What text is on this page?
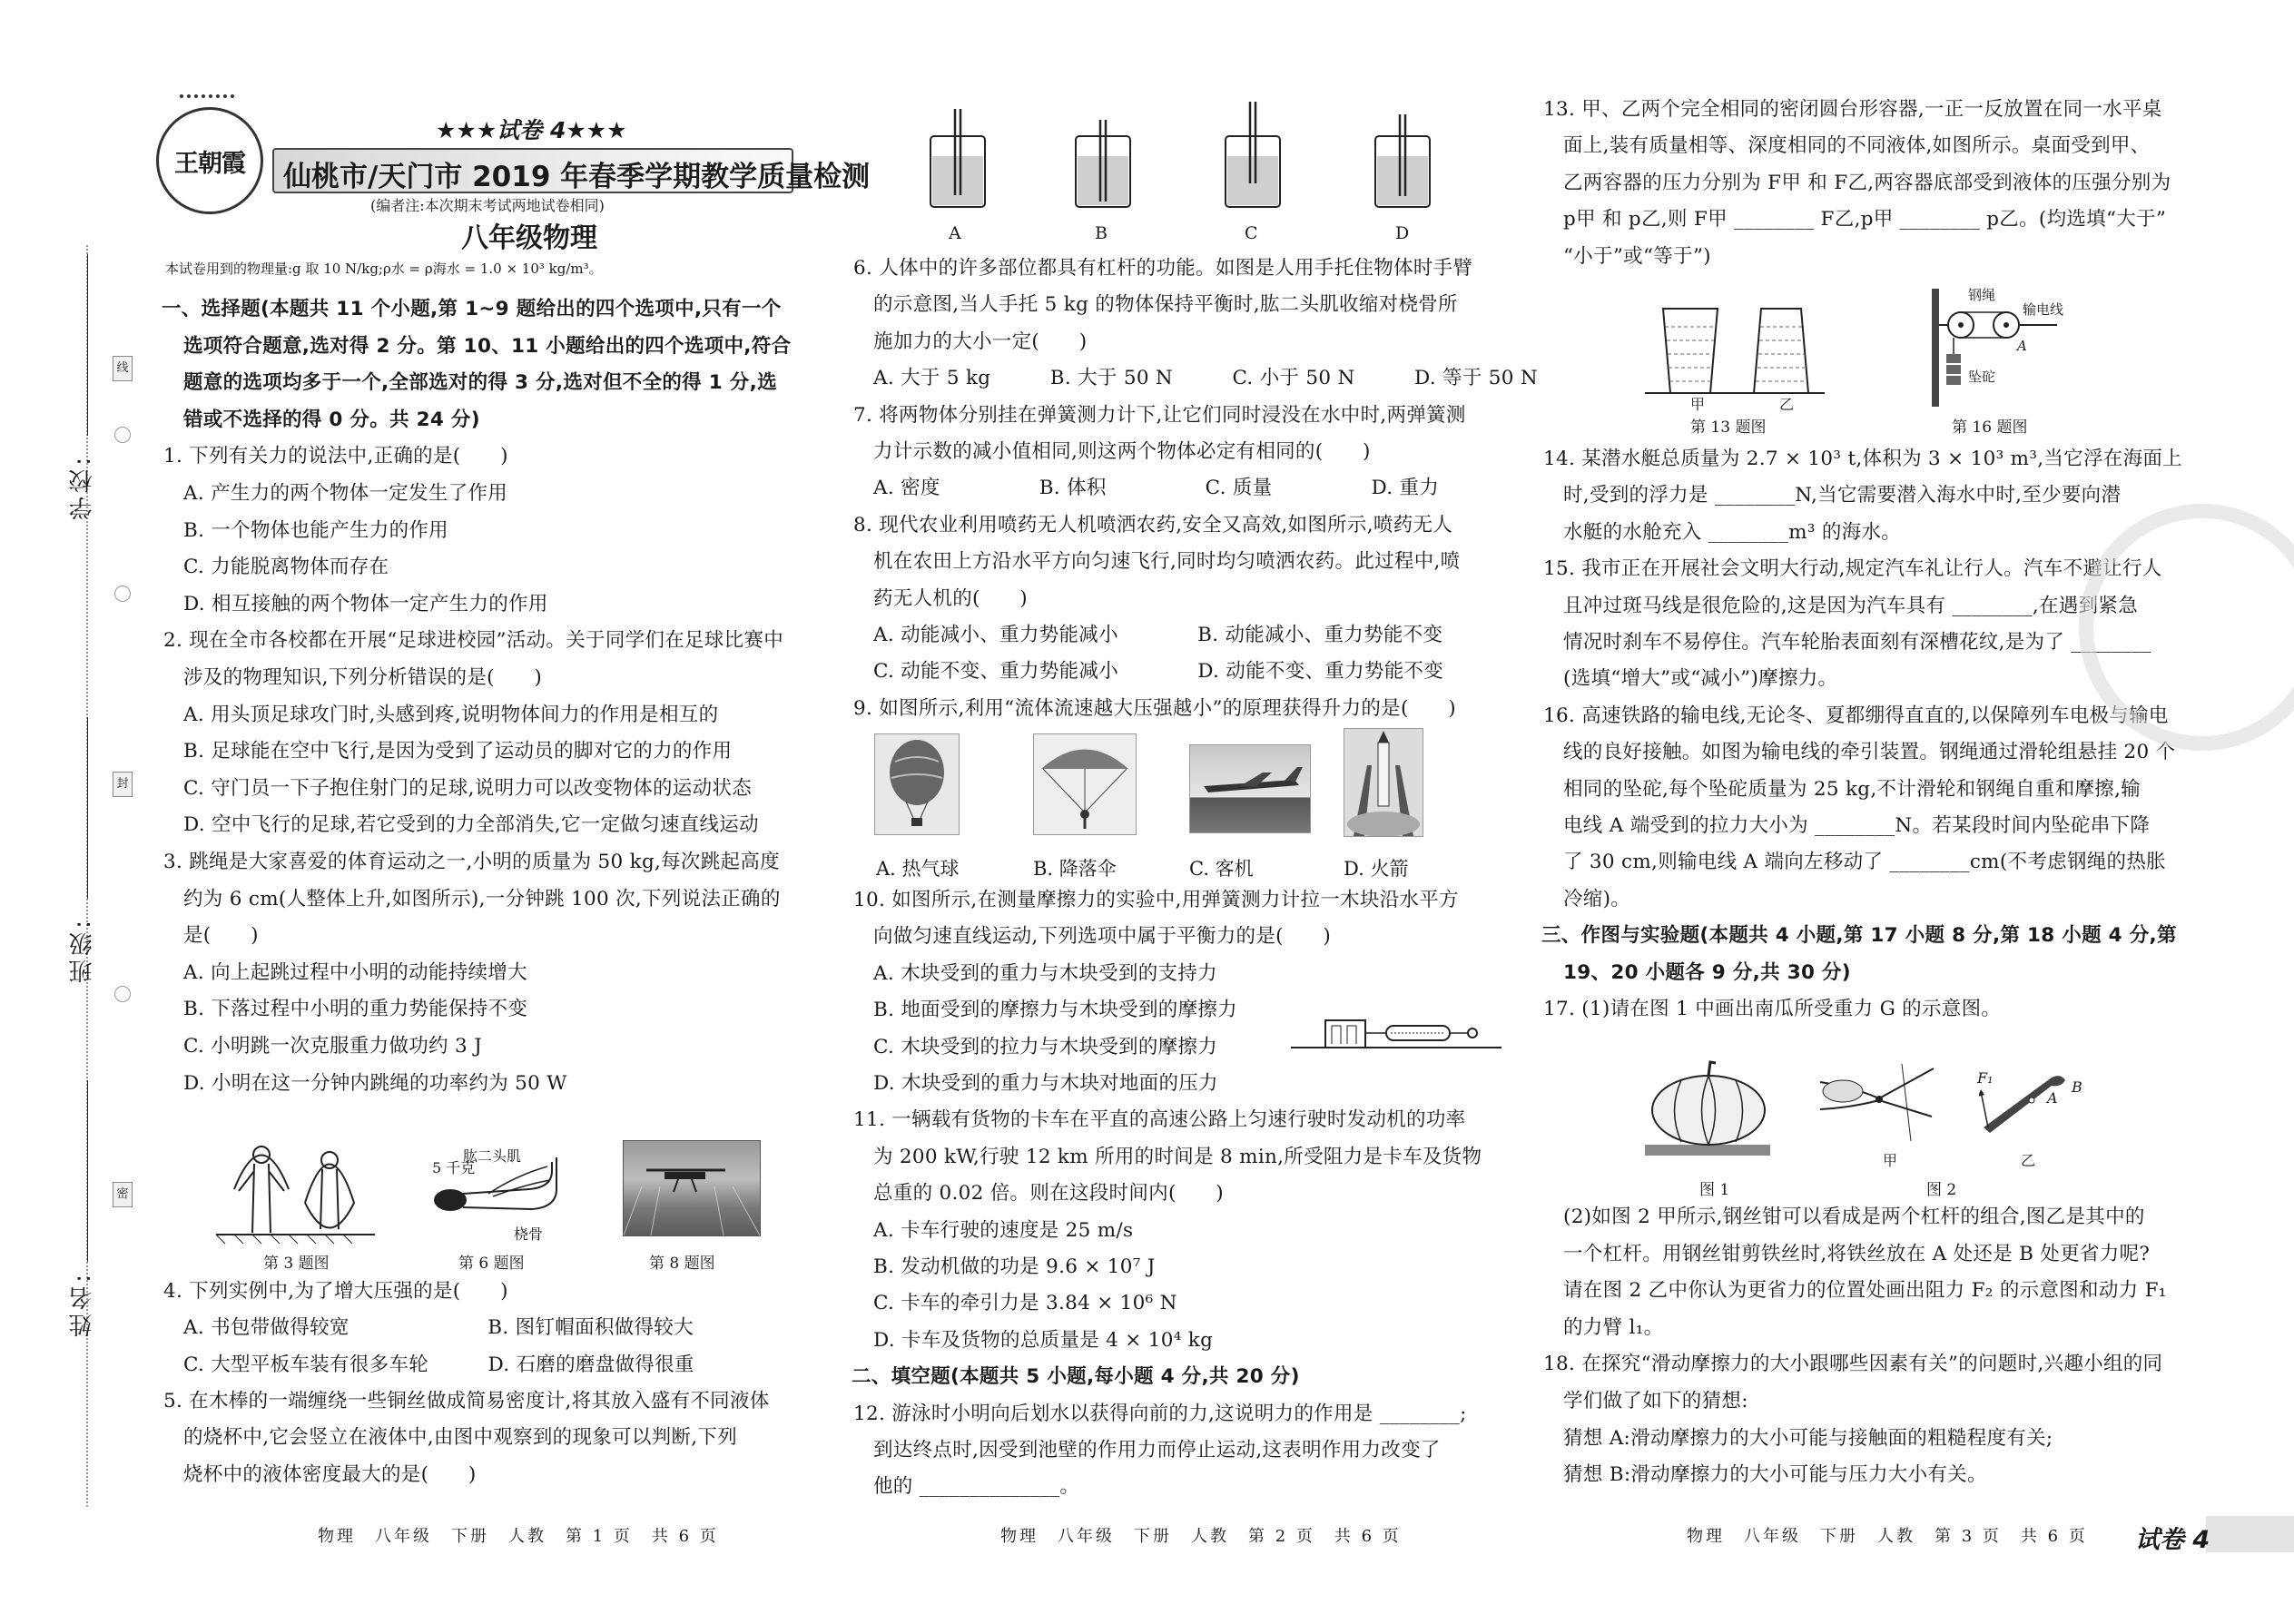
学校:
班级:
姓名:
线
封
密
王朝霞
★★★试卷 4★★★
仙桃市/天门市 2019 年春季学期教学质量检测
(编者注:本次期末考试两地试卷相同)
八年级物理
本试卷用到的物理量:g 取 10 N/kg;ρ水 = ρ海水 = 1.0 × 10³ kg/m³。
一、选择题(本题共 11 个小题,第 1~9 题给出的四个选项中,只有一个
选项符合题意,选对得 2 分。第 10、11 小题给出的四个选项中,符合
题意的选项均多于一个,全部选对的得 3 分,选对但不全的得 1 分,选
错或不选择的得 0 分。共 24 分)
1. 下列有关力的说法中,正确的是(　　)
A. 产生力的两个物体一定发生了作用
B. 一个物体也能产生力的作用
C. 力能脱离物体而存在
D. 相互接触的两个物体一定产生力的作用
2. 现在全市各校都在开展“足球进校园”活动。关于同学们在足球比赛中
涉及的物理知识,下列分析错误的是(　　)
A. 用头顶足球攻门时,头感到疼,说明物体间力的作用是相互的
B. 足球能在空中飞行,是因为受到了运动员的脚对它的力的作用
C. 守门员一下子抱住射门的足球,说明力可以改变物体的运动状态
D. 空中飞行的足球,若它受到的力全部消失,它一定做匀速直线运动
3. 跳绳是大家喜爱的体育运动之一,小明的质量为 50 kg,每次跳起高度
约为 6 cm(人整体上升,如图所示),一分钟跳 100 次,下列说法正确的
是(　　)
A. 向上起跳过程中小明的动能持续增大
B. 下落过程中小明的重力势能保持不变
C. 小明跳一次克服重力做功约 3 J
D. 小明在这一分钟内跳绳的功率约为 50 W
4. 下列实例中,为了增大压强的是(　　)
A. 书包带做得较宽　　　　　　　B. 图钉帽面积做得较大
C. 大型平板车装有很多车轮　　　D. 石磨的磨盘做得很重
5. 在木棒的一端缠绕一些铜丝做成简易密度计,将其放入盛有不同液体
的烧杯中,它会竖立在液体中,由图中观察到的现象可以判断,下列
烧杯中的液体密度最大的是(　　)
第 3 题图
肱二头肌
5 千克
桡骨
第 6 题图	第 8 题图
A	B	C	D
6. 人体中的许多部位都具有杠杆的功能。如图是人用手托住物体时手臂
的示意图,当人手托 5 kg 的物体保持平衡时,肱二头肌收缩对桡骨所
施加力的大小一定(　　)
A. 大于 5 kg　　　B. 大于 50 N　　　C. 小于 50 N　　　D. 等于 50 N
7. 将两物体分别挂在弹簧测力计下,让它们同时浸没在水中时,两弹簧测
力计示数的减小值相同,则这两个物体必定有相同的(　　)
A. 密度　　　　　B. 体积　　　　　C. 质量　　　　　D. 重力
8. 现代农业利用喷药无人机喷洒农药,安全又高效,如图所示,喷药无人
机在农田上方沿水平方向匀速飞行,同时均匀喷洒农药。此过程中,喷
药无人机的(　　)
A. 动能减小、重力势能减小　　　　B. 动能减小、重力势能不变
C. 动能不变、重力势能减小　　　　D. 动能不变、重力势能不变
9. 如图所示,利用“流体流速越大压强越小”的原理获得升力的是(　　)
10. 如图所示,在测量摩擦力的实验中,用弹簧测力计拉一木块沿水平方
向做匀速直线运动,下列选项中属于平衡力的是(　　)
A. 木块受到的重力与木块受到的支持力
B. 地面受到的摩擦力与木块受到的摩擦力
C. 木块受到的拉力与木块受到的摩擦力
D. 木块受到的重力与木块对地面的压力
11. 一辆载有货物的卡车在平直的高速公路上匀速行驶时发动机的功率
为 200 kW,行驶 12 km 所用的时间是 8 min,所受阻力是卡车及货物
总重的 0.02 倍。则在这段时间内(　　)
A. 卡车行驶的速度是 25 m/s
B. 发动机做的功是 9.6 × 10⁷ J
C. 卡车的牵引力是 3.84 × 10⁶ N
D. 卡车及货物的总质量是 4 × 10⁴ kg
二、填空题(本题共 5 小题,每小题 4 分,共 20 分)
12. 游泳时小明向后划水以获得向前的力,这说明力的作用是 ________;
到达终点时,因受到池壁的作用力而停止运动,这表明作用力改变了
他的 ______________。
A. 热气球	B. 降落伞	C. 客机	D. 火箭
13. 甲、乙两个完全相同的密闭圆台形容器,一正一反放置在同一水平桌
面上,装有质量相等、深度相同的不同液体,如图所示。桌面受到甲、
乙两容器的压力分别为 F甲 和 F乙,两容器底部受到液体的压强分别为
p甲 和 p乙,则 F甲 ________ F乙,p甲 ________ p乙。(均选填“大于”
“小于”或“等于”)
14. 某潜水艇总质量为 2.7 × 10³ t,体积为 3 × 10³ m³,当它浮在海面上
时,受到的浮力是 ________N,当它需要潜入海水中时,至少要向潜
水艇的水舱充入 ________m³ 的海水。
15. 我市正在开展社会文明大行动,规定汽车礼让行人。汽车不避让行人
且冲过斑马线是很危险的,这是因为汽车具有 ________,在遇到紧急
情况时刹车不易停住。汽车轮胎表面刻有深槽花纹,是为了 ________
(选填“增大”或“减小”)摩擦力。
16. 高速铁路的输电线,无论冬、夏都绷得直直的,以保障列车电极与输电
线的良好接触。如图为输电线的牵引装置。钢绳通过滑轮组悬挂 20 个
相同的坠砣,每个坠砣质量为 25 kg,不计滑轮和钢绳自重和摩擦,输
电线 A 端受到的拉力大小为 ________N。若某段时间内坠砣串下降
了 30 cm,则输电线 A 端向左移动了 ________cm(不考虑钢绳的热胀
冷缩)。
三、作图与实验题(本题共 4 小题,第 17 小题 8 分,第 18 小题 4 分,第
19、20 小题各 9 分,共 30 分)
17. (1)请在图 1 中画出南瓜所受重力 G 的示意图。
(2)如图 2 甲所示,钢丝钳可以看成是两个杠杆的组合,图乙是其中的
一个杠杆。用钢丝钳剪铁丝时,将铁丝放在 A 处还是 B 处更省力呢?
请在图 2 乙中你认为更省力的位置处画出阻力 F₂ 的示意图和动力 F₁
的力臂 l₁。
18. 在探究“滑动摩擦力的大小跟哪些因素有关”的问题时,兴趣小组的同
学们做了如下的猜想:
猜想 A:滑动摩擦力的大小可能与接触面的粗糙程度有关;
猜想 B:滑动摩擦力的大小可能与压力大小有关。
甲	乙
第 13 题图
钢绳
输电线
坠砣
A
第 16 题图
图 1
甲
F₁
A
B
乙
图 2
物理　八年级　下册　人教　第 1 页　共 6 页	物理　八年级　下册　人教　第 2 页　共 6 页	物理　八年级　下册　人教　第 3 页　共 6 页 试卷 4
